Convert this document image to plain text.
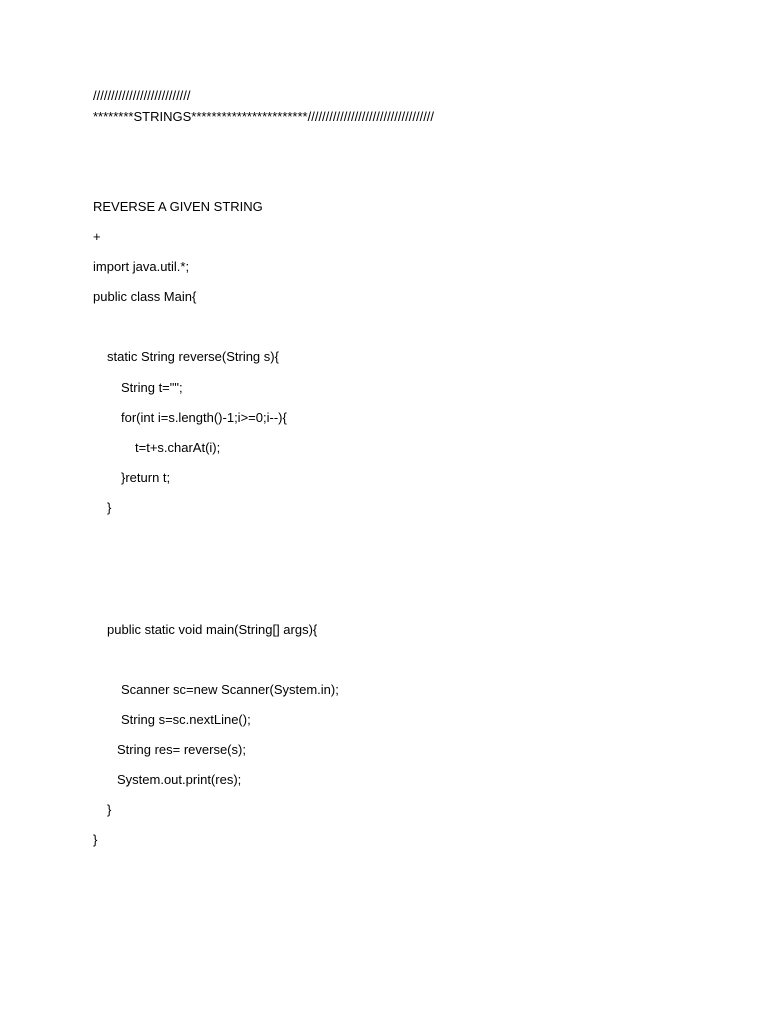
///////////////////////////
********STRINGS***********************///////////////////////////////////
REVERSE A GIVEN STRING
+
import java.util.*;
public class Main{
static String reverse(String s){
String t="";
for(int i=s.length()-1;i>=0;i--){
t=t+s.charAt(i);
}return t;
}
public static void main(String[] args){
Scanner sc=new Scanner(System.in);
String s=sc.nextLine();
String res= reverse(s);
System.out.print(res);
}
}
